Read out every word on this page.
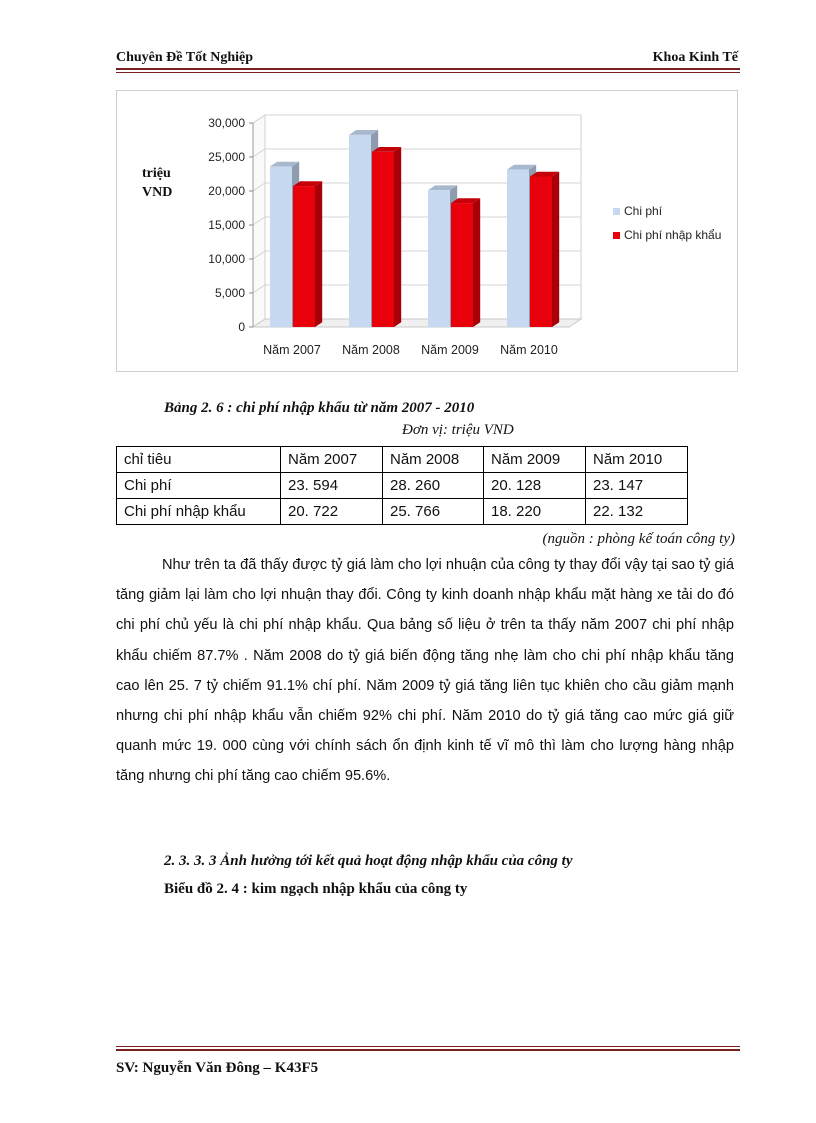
Chuyên Đề Tốt Nghiệp	Khoa Kinh Tế
0
5,000
10,000
15,000
20,000
25,000
30,000
triệu
VND
Năm 2007 Năm 2008 Năm 2009 Năm 2010
Chi phí
Chi phí nhập khẩu
Bảng 2. 6 : chi phí nhập khẩu từ năm 2007 - 2010
Đơn vị: triệu VND
chỉ tiêu	Năm 2007	Năm 2008	Năm 2009	Năm 2010
Chi phí	23. 594	28. 260	20. 128	23. 147
Chi phí nhập khẩu	20. 722	25. 766	18. 220	22. 132
(nguồn : phòng kế toán công ty)

Như trên ta đã thấy được tỷ giá làm cho lợi nhuận của công ty thay đổi vậy tại sao tỷ giá tăng giảm lại làm cho lợi nhuận thay đổi. Công ty kinh doanh nhập khẩu mặt hàng xe tải do đó chi phí chủ yếu là chi phí nhập khẩu. Qua bảng số liệu ở trên ta thấy năm 2007 chi phí nhập khẩu chiếm 87.7% . Năm 2008 do tỷ giá biến động tăng nhẹ làm cho chi phí nhập khẩu tăng cao lên 25. 7 tỷ chiếm 91.1% chí phí. Năm 2009 tỷ giá tăng liên tục khiên cho cầu giảm mạnh nhưng chi phí nhập khẩu vẫn chiếm 92% chi phí. Năm 2010 do tỷ giá tăng cao mức giá giữ quanh mức 19. 000 cùng với chính sách ổn định kinh tế vĩ mô thì làm cho lượng hàng nhập tăng nhưng chi phí tăng cao chiếm 95.6%.

2. 3. 3. 3 Ảnh hưởng tới kết quả hoạt động nhập khẩu của công ty
Biểu đồ 2. 4 : kim ngạch nhập khẩu của công ty
SV: Nguyễn Văn Đông – K43F5
